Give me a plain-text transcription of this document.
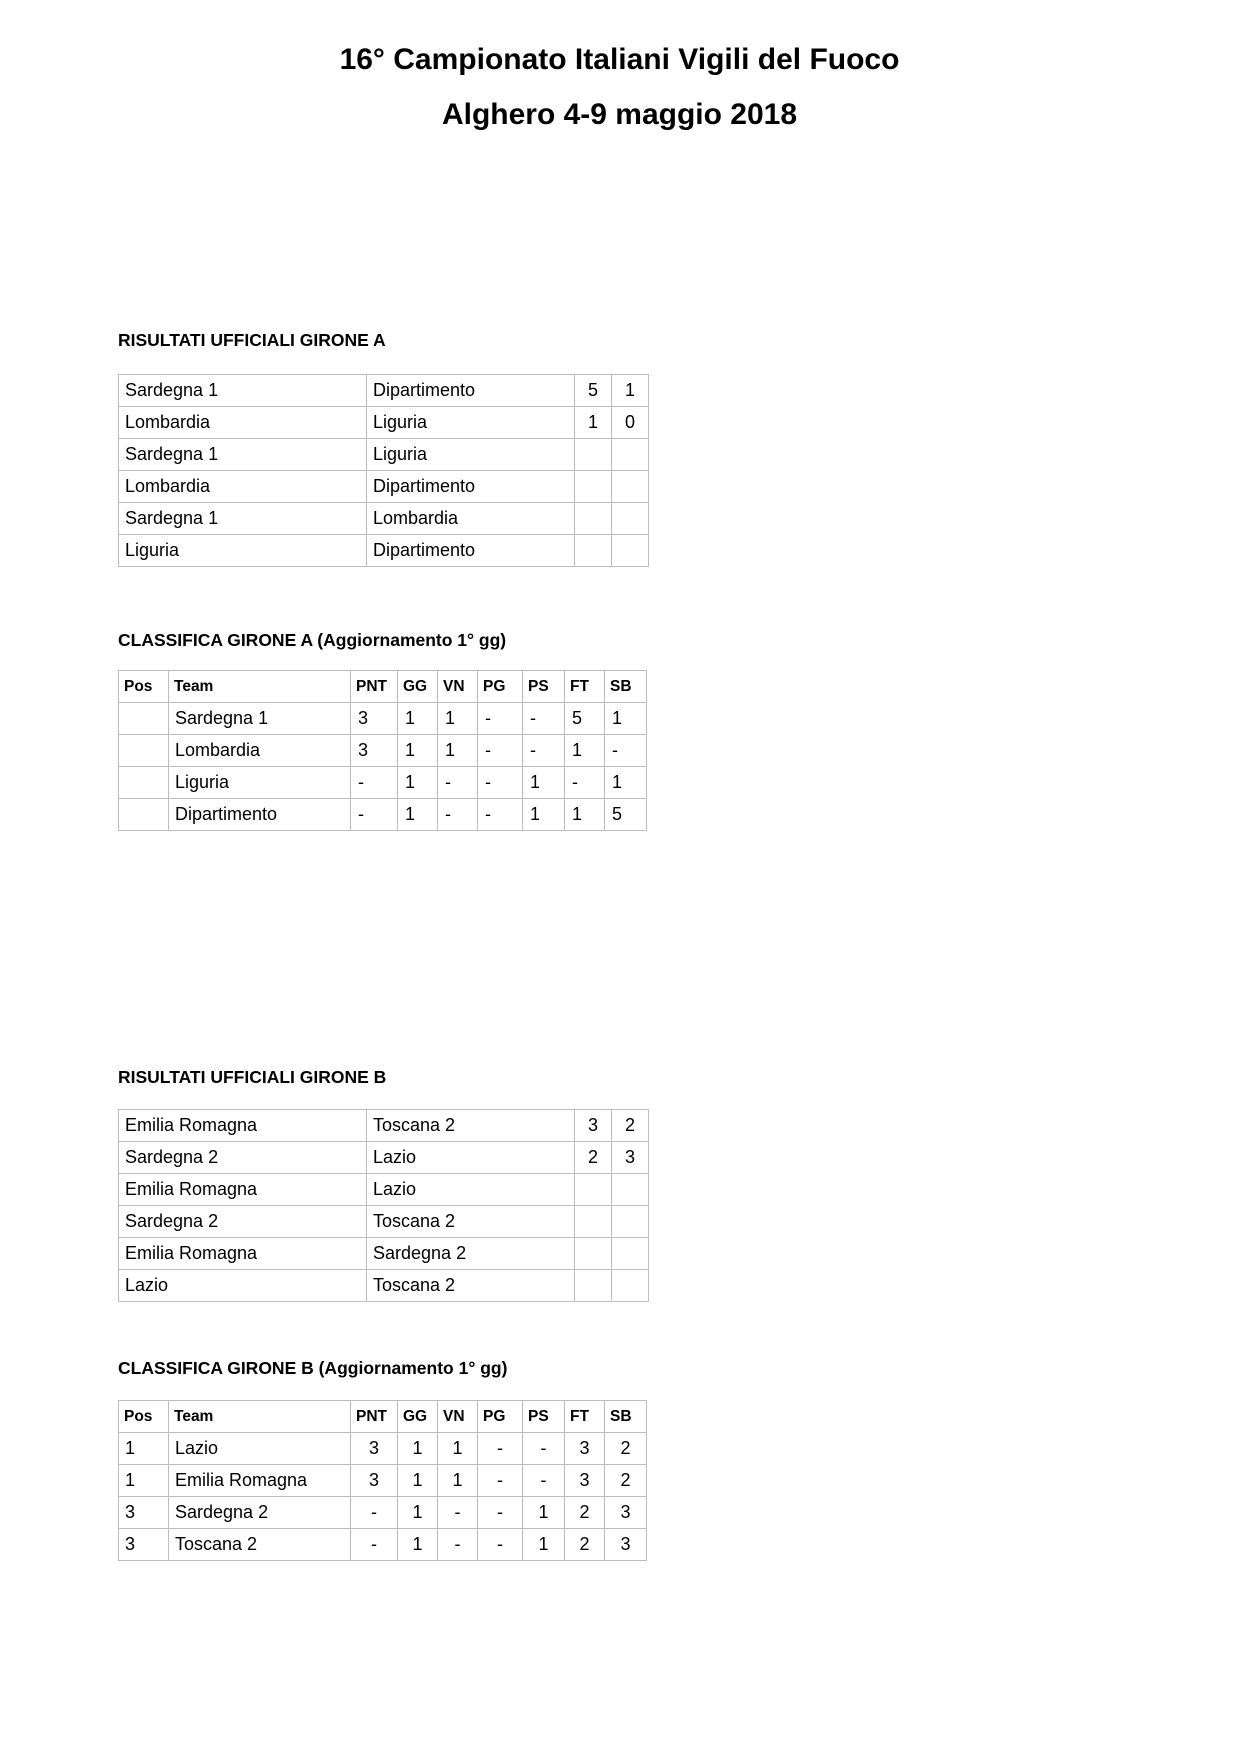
16° Campionato Italiani Vigili del Fuoco
Alghero 4-9 maggio 2018
RISULTATI UFFICIALI GIRONE A
Sardegna 1	Dipartimento	5	1
Lombardia	Liguria	1	0
Sardegna 1	Liguria		
Lombardia	Dipartimento		
Sardegna 1	Lombardia		
Liguria	Dipartimento		
CLASSIFICA GIRONE A (Aggiornamento 1° gg)
Pos	Team	PNT	GG	VN	PG	PS	FT	SB
	Sardegna 1	3	1	1	-	-	5	1
	Lombardia	3	1	1	-	-	1	-
	Liguria	-	1	-	-	1	-	1
	Dipartimento	-	1	-	-	1	1	5
RISULTATI UFFICIALI GIRONE B
Emilia Romagna	Toscana 2	3	2
Sardegna 2	Lazio	2	3
Emilia Romagna	Lazio		
Sardegna 2	Toscana 2		
Emilia Romagna	Sardegna 2		
Lazio	Toscana 2		
CLASSIFICA GIRONE B (Aggiornamento 1° gg)
Pos	Team	PNT	GG	VN	PG	PS	FT	SB
1	Lazio	3	1	1	-	-	3	2
1	Emilia Romagna	3	1	1	-	-	3	2
3	Sardegna 2	-	1	-	-	1	2	3
3	Toscana 2	-	1	-	-	1	2	3
